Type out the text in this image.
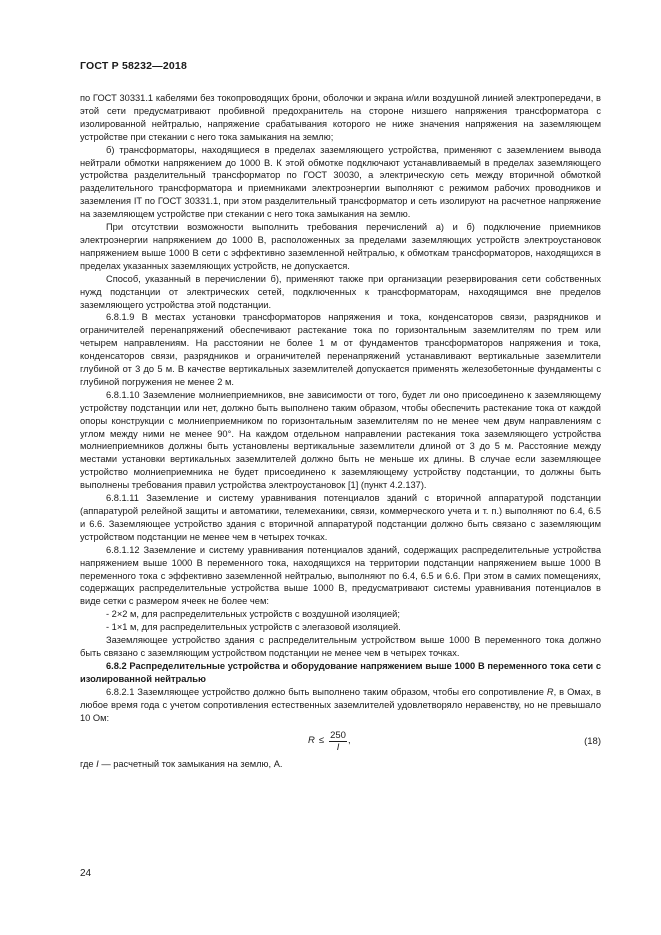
ГОСТ Р 58232—2018

по ГОСТ 30331.1 кабелями без токопроводящих брони, оболочки и экрана и/или воздушной линией электропередачи, в этой сети предусматривают пробивной предохранитель на стороне низшего напряжения трансформатора с изолированной нейтралью, напряжение срабатывания которого не ниже значения напряжения на заземляющем устройстве при стекании с него тока замыкания на землю;

б) трансформаторы, находящиеся в пределах заземляющего устройства, применяют с заземлением вывода нейтрали обмотки напряжением до 1000 В. К этой обмотке подключают устанавливаемый в пределах заземляющего устройства разделительный трансформатор по ГОСТ 30030, а электрическую сеть между вторичной обмоткой разделительного трансформатора и приемниками электроэнергии выполняют с режимом рабочих проводников и заземления IT по ГОСТ 30331.1, при этом разделительный трансформатор и сеть изолируют на расчетное напряжение на заземляющем устройстве при стекании с него тока замыкания на землю.

При отсутствии возможности выполнить требования перечислений а) и б) подключение приемников электроэнергии напряжением до 1000 В, расположенных за пределами заземляющих устройств электроустановок напряжением выше 1000 В сети с эффективно заземленной нейтралью, к обмоткам трансформаторов, находящихся в пределах указанных заземляющих устройств, не допускается.

Способ, указанный в перечислении б), применяют также при организации резервирования сети собственных нужд подстанции от электрических сетей, подключенных к трансформаторам, находящимся вне пределов заземляющего устройства этой подстанции.

6.8.1.9 В местах установки трансформаторов напряжения и тока, конденсаторов связи, разрядников и ограничителей перенапряжений обеспечивают растекание тока по горизонтальным заземлителям по трем или четырем направлениям. На расстоянии не более 1 м от фундаментов трансформаторов напряжения и тока, конденсаторов связи, разрядников и ограничителей перенапряжений устанавливают вертикальные заземлители глубиной от 3 до 5 м. В качестве вертикальных заземлителей допускается применять железобетонные фундаменты с глубиной погружения не менее 2 м.

6.8.1.10 Заземление молниеприемников, вне зависимости от того, будет ли оно присоединено к заземляющему устройству подстанции или нет, должно быть выполнено таким образом, чтобы обеспечить растекание тока от каждой опоры конструкции с молниеприемником по горизонтальным заземлителям по не менее чем двум направлениям с углом между ними не менее 90°. На каждом отдельном направлении растекания тока заземляющего устройства молниеприемников должны быть установлены вертикальные заземлители длиной от 3 до 5 м. Расстояние между местами установки вертикальных заземлителей должно быть не меньше их длины. В случае если заземляющее устройство молниеприемника не будет присоединено к заземляющему устройству подстанции, то должны быть выполнены требования правил устройства электроустановок [1] (пункт 4.2.137).

6.8.1.11 Заземление и систему уравнивания потенциалов зданий с вторичной аппаратурой подстанции (аппаратурой релейной защиты и автоматики, телемеханики, связи, коммерческого учета и т. п.) выполняют по 6.4, 6.5 и 6.6. Заземляющее устройство здания с вторичной аппаратурой подстанции должно быть связано с заземляющим устройством подстанции не менее чем в четырех точках.

6.8.1.12 Заземление и систему уравнивания потенциалов зданий, содержащих распределительные устройства напряжением выше 1000 В переменного тока, находящихся на территории подстанции напряжением выше 1000 В переменного тока с эффективно заземленной нейтралью, выполняют по 6.4, 6.5 и 6.6. При этом в самих помещениях, содержащих распределительные устройства выше 1000 В, предусматривают системы уравнивания потенциалов в виде сетки с размером ячеек не более чем:

- 2×2 м, для распределительных устройств с воздушной изоляцией;

- 1×1 м, для распределительных устройств с элегазовой изоляцией.

Заземляющее устройство здания с распределительным устройством выше 1000 В переменного тока должно быть связано с заземляющим устройством подстанции не менее чем в четырех точках.

6.8.2 Распределительные устройства и оборудование напряжением выше 1000 В переменного тока сети с изолированной нейтралью

6.8.2.1 Заземляющее устройство должно быть выполнено таким образом, чтобы его сопротивление R, в Омах, в любое время года с учетом сопротивления естественных заземлителей удовлетворяло неравенству, но не превышало 10 Ом:

$R \le \frac{250}{I}$ ,	(18)

где I — расчетный ток замыкания на землю, А.

24
